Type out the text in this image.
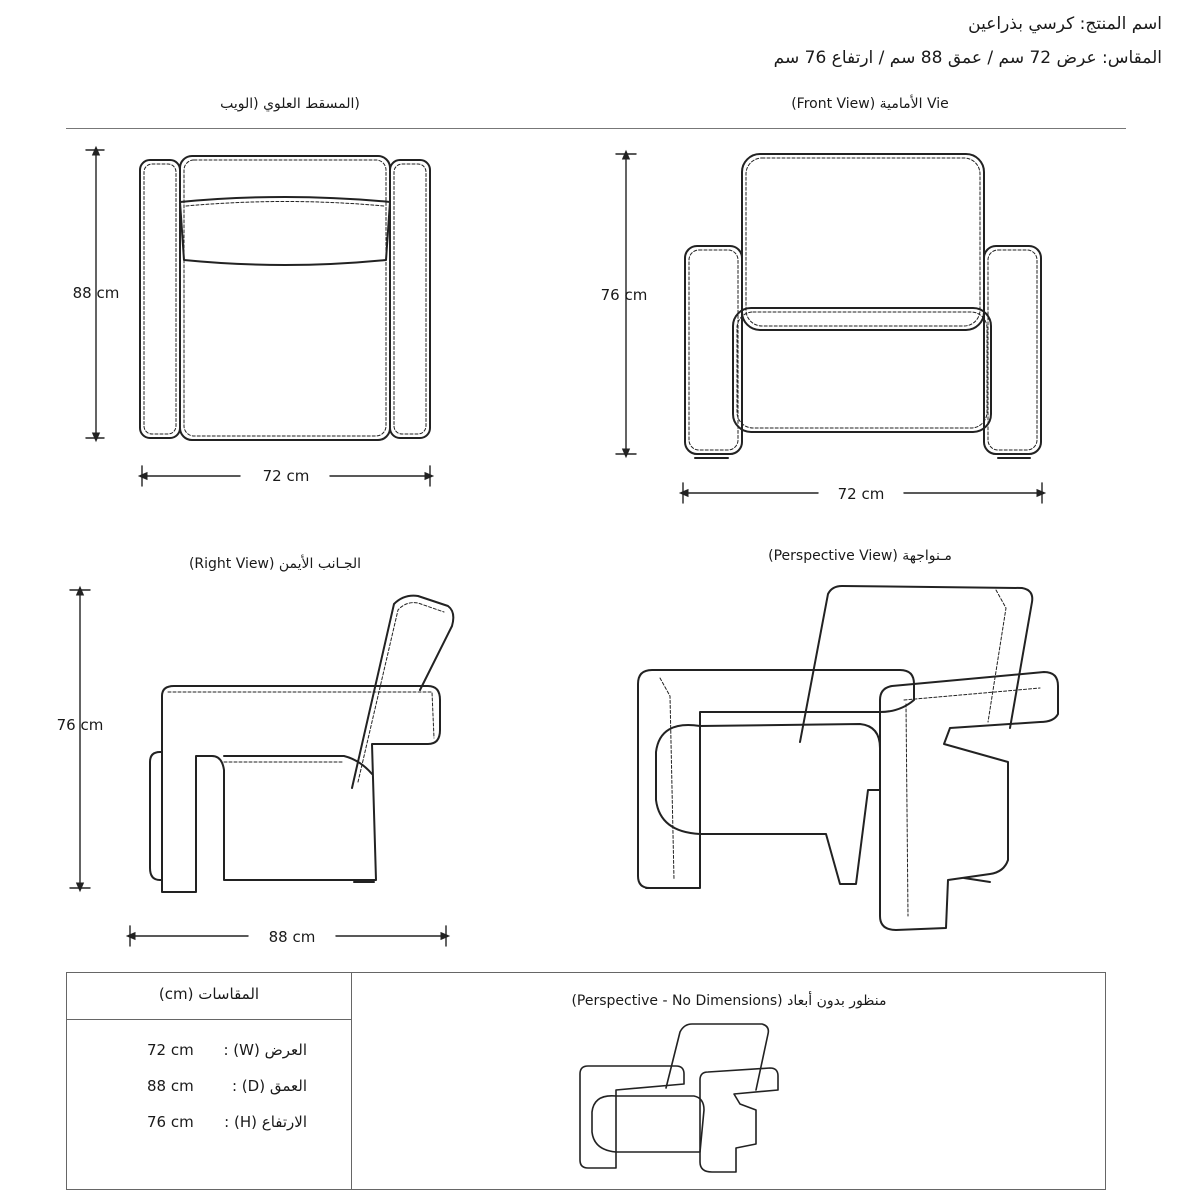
اسم المنتج: كرسي بذراعين
المقاس: عرض 72 سم / عمق 88 سم / ارتفاع 76 سم
(المسقط العلوي (الويب	(Front View) الأمامية Vie
الجـانب الأيمن (Right View)	(Perspective View) مـنواجهة
88 cm
72 cm
76 cm
72 cm
76 cm
88 cm
المقاسات (cm)	(Perspective - No Dimensions) منظور بدون أبعاد
72 cm العرض (W) :
88 cm	العمق (D) :
76 cm الارتفاع (H) :
